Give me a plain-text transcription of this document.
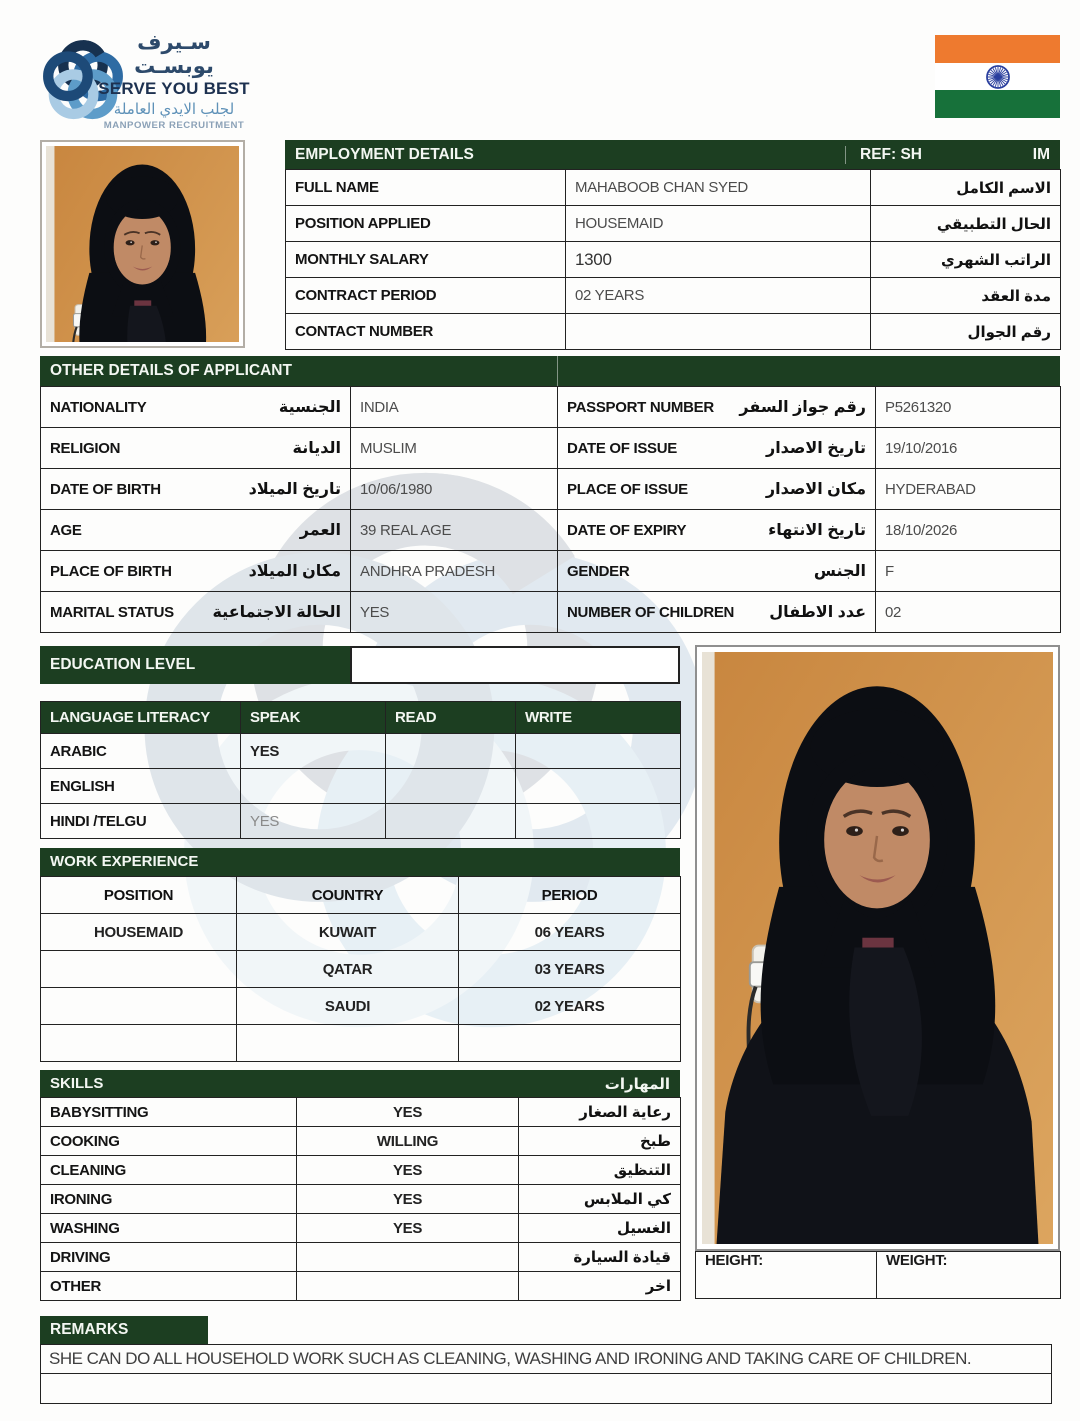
سـيرف يوبسـت
SERVE YOU BEST
لجلب الايدي العاملة
MANPOWER RECRUITMENT
EMPLOYMENT DETAILS	REF: SH	IM
FULL NAME	MAHABOOB CHAN SYED	الاسم الكامل
POSITION APPLIED	HOUSEMAID	الحال التطبيقي
MONTHLY SALARY	1300	الراتب الشهري
CONTRACT PERIOD	02 YEARS	مدة العقد
CONTACT NUMBER		رقم الجوال
OTHER DETAILS OF APPLICANT
NATIONALITY الجنسية	INDIA	PASSPORT NUMBER رقم جواز السفر	P5261320

RELIGION الديانة	MUSLIM	DATE OF ISSUE تاريخ الاصدار	19/10/2016

DATE OF BIRTH تاريخ الميلاد	10/06/1980	PLACE OF ISSUE مكان الاصدار	HYDERABAD

AGE العمر	39 REAL AGE	DATE OF EXPIRY تاريخ الانتهاء	18/10/2026

PLACE OF BIRTH مكان الميلاد	ANDHRA PRADESH	GENDER الجنس	F

MARITAL STATUS الحالة الاجتماعية	YES	NUMBER OF CHILDREN عدد الاطفال	02
EDUCATION LEVEL
LANGUAGE LITERACY	SPEAK	READ	WRITE
ARABIC	YES		
ENGLISH			
HINDI /TELGU	YES		
WORK EXPERIENCE
POSITION	COUNTRY	PERIOD
HOUSEMAID	KUWAIT	06 YEARS
	QATAR	03 YEARS
	SAUDI	02 YEARS

SKILLS	المهارات
BABYSITTING	YES	رعاية الصغار
COOKING	WILLING	طبخ
CLEANING	YES	التنظيق
IRONING	YES	كي الملابس
WASHING	YES	الغسيل
DRIVING		قيادة السيارة
OTHER		اخر
HEIGHT:	WEIGHT:
REMARKS
SHE CAN DO ALL HOUSEHOLD WORK SUCH AS CLEANING, WASHING AND IRONING AND TAKING CARE OF CHILDREN.
